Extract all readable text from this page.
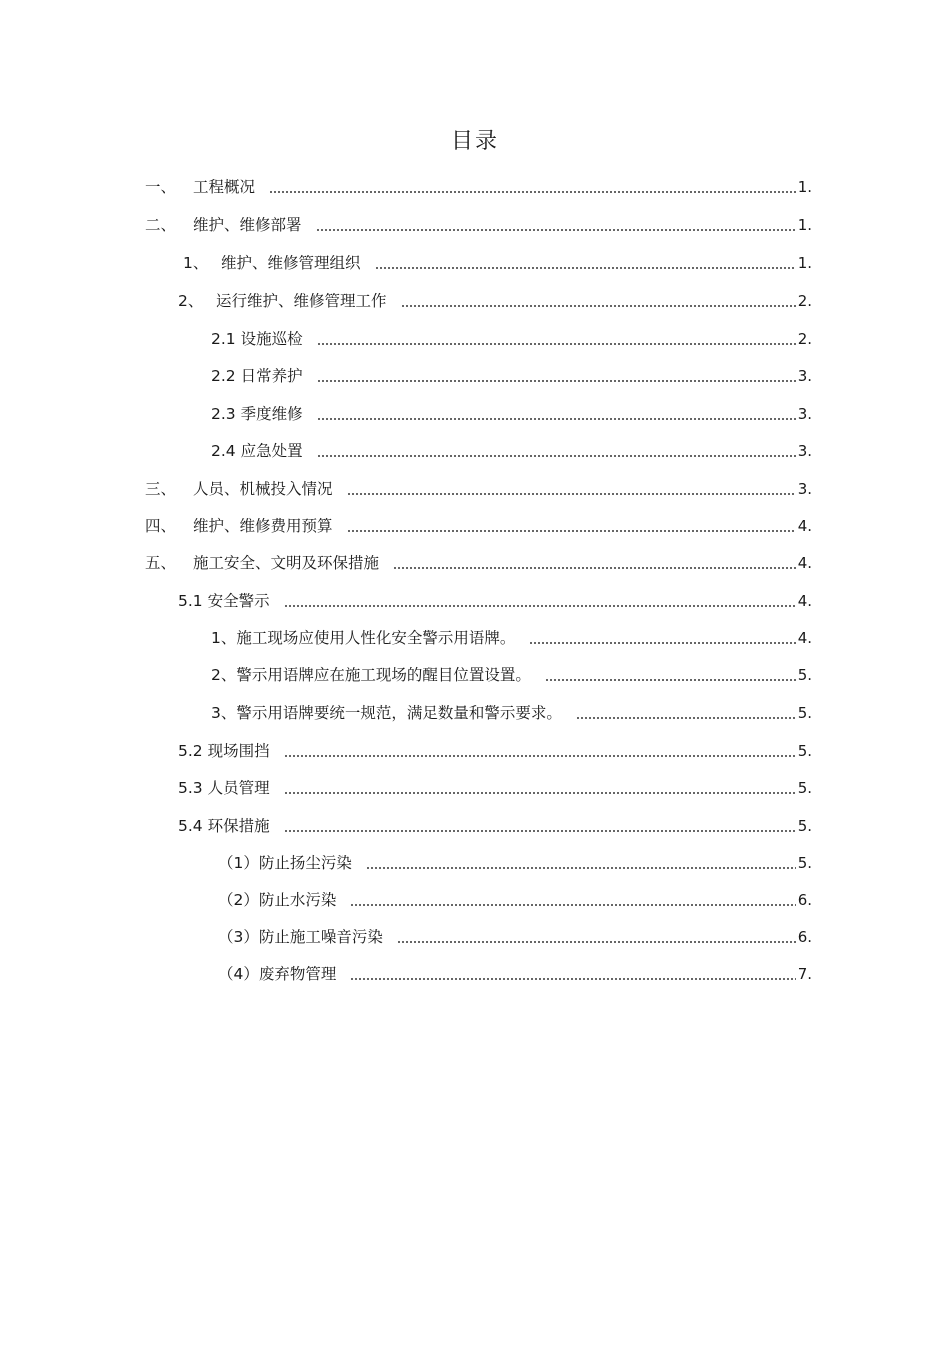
目录
一、	工程概况	1.
二、	维护、维修部署	1.
1、 维护、维修管理组织	1.
2、 运行维护、维修管理工作	2.
2.1 设施巡检	2.
2.2 日常养护	3.
2.3 季度维修	3.
2.4 应急处置	3.
三、	人员、机械投入情况	3.
四、	维护、维修费用预算	4.
五、	施工安全、文明及环保措施	4.
5.1 安全警示	4.
1、施工现场应使用人性化安全警示用语牌。	4.
2、警示用语牌应在施工现场的醒目位置设置。	5.
3、警示用语牌要统一规范，满足数量和警示要求。	5.
5.2 现场围挡	5.
5.3 人员管理	5.
5.4 环保措施	5.
（1）防止扬尘污染	5.
（2）防止水污染	6.
（3）防止施工噪音污染	6.
（4）废弃物管理	7.
